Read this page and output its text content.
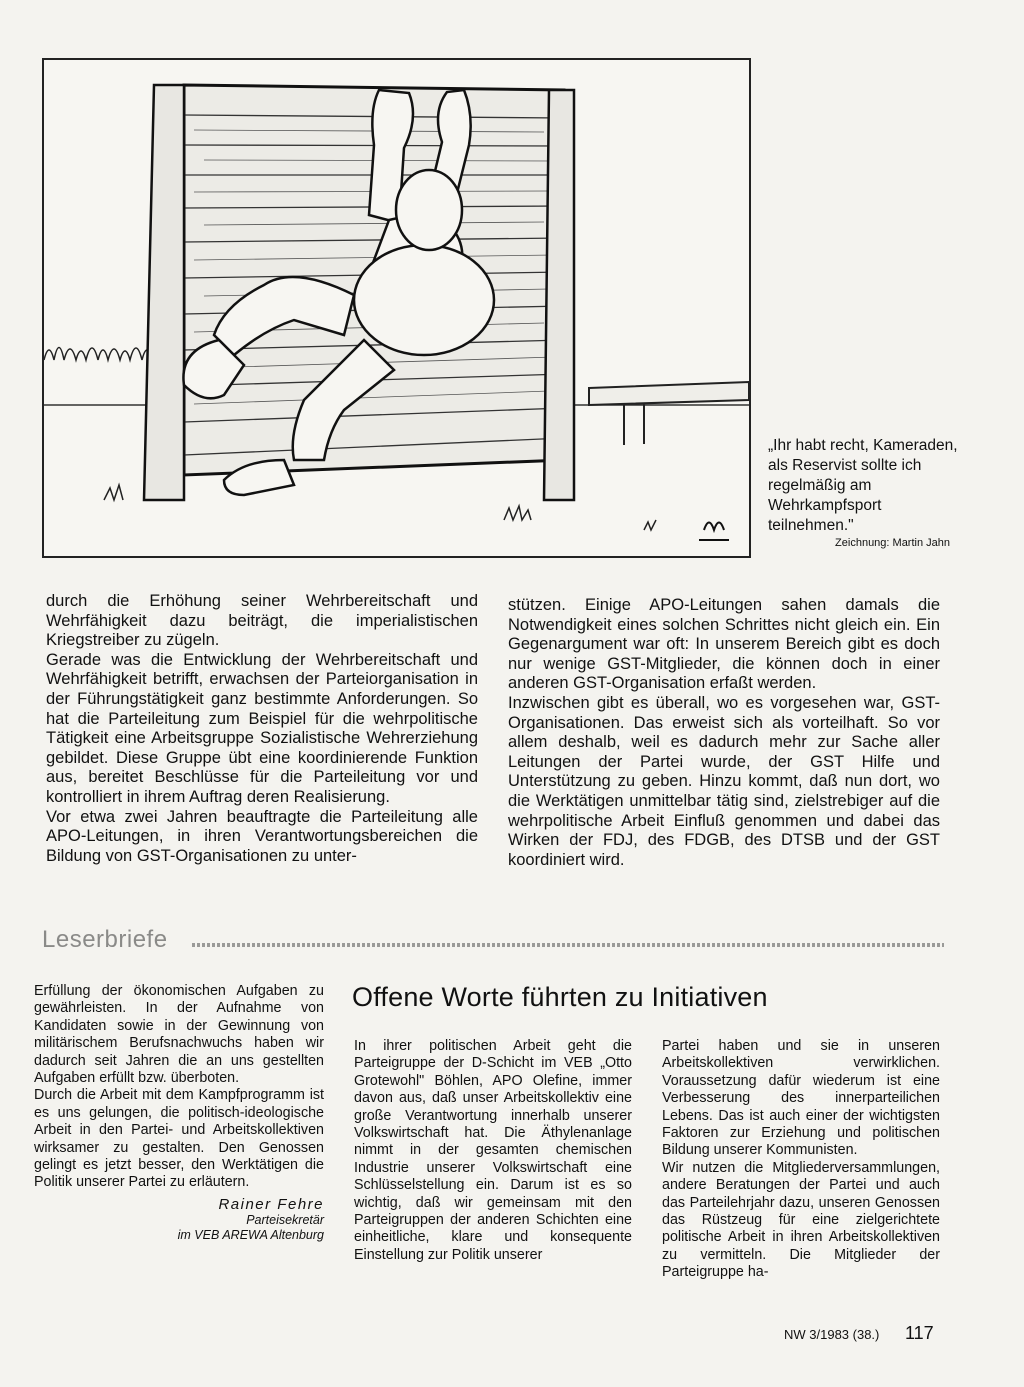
„Ihr habt recht, Kameraden, als Reservist sollte ich regelmäßig am Wehrkampfsport teilnehmen."
Zeichnung: Martin Jahn

durch die Erhöhung seiner Wehrbereitschaft und Wehrfähigkeit dazu beiträgt, die imperialistischen Kriegstreiber zu zügeln.

Gerade was die Entwicklung der Wehrbereitschaft und Wehrfähigkeit betrifft, erwachsen der Parteiorganisation in der Führungstätigkeit ganz bestimmte Anforderungen. So hat die Parteileitung zum Beispiel für die wehrpolitische Tätigkeit eine Arbeitsgruppe Sozialistische Wehrerziehung gebildet. Diese Gruppe übt eine koordinierende Funktion aus, bereitet Beschlüsse für die Parteileitung vor und kontrolliert in ihrem Auftrag deren Realisierung.

Vor etwa zwei Jahren beauftragte die Parteileitung alle APO-Leitungen, in ihren Verantwortungsbereichen die Bildung von GST-Organisationen zu unter-

stützen. Einige APO-Leitungen sahen damals die Notwendigkeit eines solchen Schrittes nicht gleich ein. Ein Gegenargument war oft: In unserem Bereich gibt es doch nur wenige GST-Mitglieder, die können doch in einer anderen GST-Organisation erfaßt werden.

Inzwischen gibt es überall, wo es vorgesehen war, GST-Organisationen. Das erweist sich als vorteilhaft. So vor allem deshalb, weil es dadurch mehr zur Sache aller Leitungen der Partei wurde, der GST Hilfe und Unterstützung zu geben. Hinzu kommt, daß nun dort, wo die Werktätigen unmittelbar tätig sind, zielstrebiger auf die wehrpolitische Arbeit Einfluß genommen und dabei das Wirken der FDJ, des FDGB, des DTSB und der GST koordiniert wird.

Leserbriefe

Erfüllung der ökonomischen Aufgaben zu gewährleisten. In der Aufnahme von Kandidaten sowie in der Gewinnung von militärischem Berufsnachwuchs haben wir dadurch seit Jahren die an uns gestellten Aufgaben erfüllt bzw. überboten.

Durch die Arbeit mit dem Kampfprogramm ist es uns gelungen, die politisch-ideologische Arbeit in den Partei- und Arbeitskollektiven wirksamer zu gestalten. Den Genossen gelingt es jetzt besser, den Werktätigen die Politik unserer Partei zu erläutern.

Rainer Fehre
Parteisekretär
im VEB AREWA Altenburg
Offene Worte führten zu Initiativen

In ihrer politischen Arbeit geht die Parteigruppe der D-Schicht im VEB „Otto Grotewohl" Böhlen, APO Olefine, immer davon aus, daß unser Arbeitskollektiv eine große Verantwortung innerhalb unserer Volkswirtschaft hat. Die Äthylenanlage nimmt in der gesamten chemischen Industrie unserer Volkswirtschaft eine Schlüsselstellung ein. Darum ist es so wichtig, daß wir gemeinsam mit den Parteigruppen der anderen Schichten eine einheitliche, klare und konsequente Einstellung zur Politik unserer

Partei haben und sie in unseren Arbeitskollektiven verwirklichen. Voraussetzung dafür wiederum ist eine Verbesserung des innerparteilichen Lebens. Das ist auch einer der wichtigsten Faktoren zur Erziehung und politischen Bildung unserer Kommunisten.

Wir nutzen die Mitgliederversammlungen, andere Beratungen der Partei und auch das Parteilehrjahr dazu, unseren Genossen das Rüstzeug für eine zielgerichtete politische Arbeit in ihren Arbeitskollektiven zu vermitteln. Die Mitglieder der Parteigruppe ha-

NW 3/1983 (38.) 117
